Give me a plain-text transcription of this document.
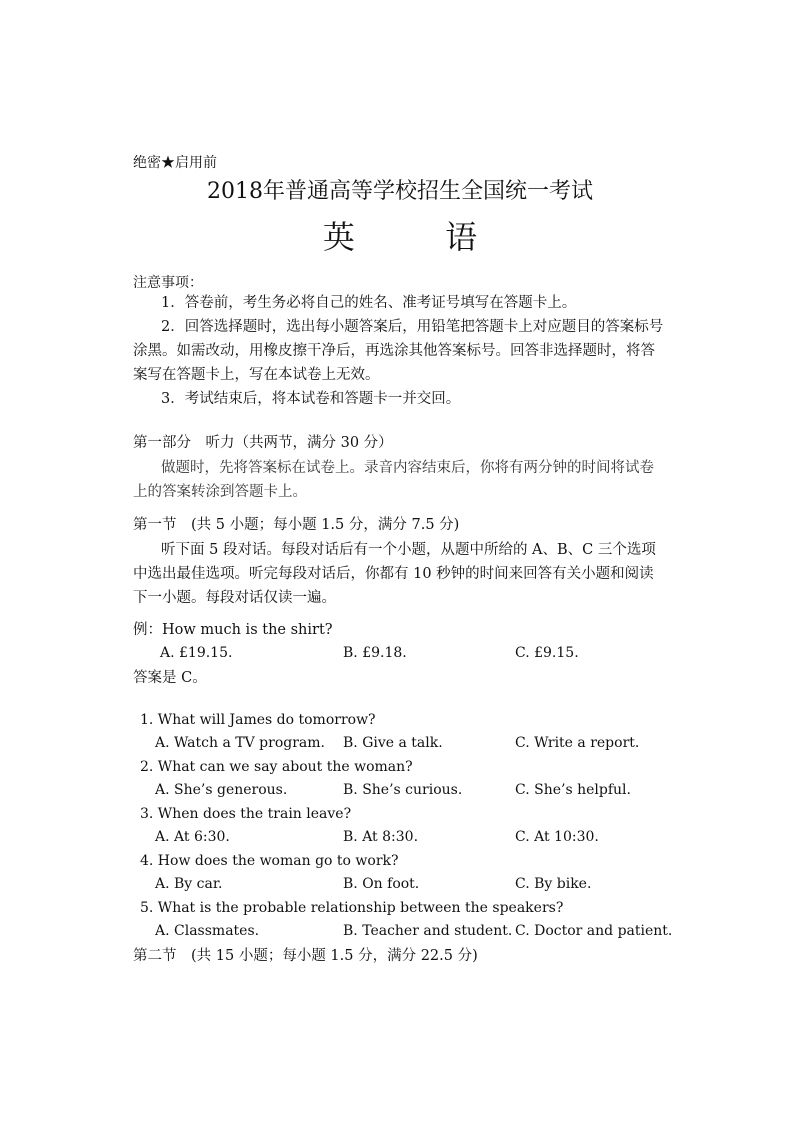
绝密★启用前
2018年普通高等学校招生全国统一考试
英 语
注意事项：
1．答卷前，考生务必将自己的姓名、准考证号填写在答题卡上。
2．回答选择题时，选出每小题答案后，用铅笔把答题卡上对应题目的答案标号涂黑。如需改动，用橡皮擦干净后，再选涂其他答案标号。回答非选择题时，将答案写在答题卡上，写在本试卷上无效。
3．考试结束后，将本试卷和答题卡一并交回。
第一部分　听力（共两节，满分 30 分）
做题时，先将答案标在试卷上。录音内容结束后，你将有两分钟的时间将试卷上的答案转涂到答题卡上。
第一节　(共 5 小题；每小题 1.5 分，满分 7.5 分)
听下面 5 段对话。每段对话后有一个小题，从题中所给的 A、B、C 三个选项中选出最佳选项。听完每段对话后，你都有 10 秒钟的时间来回答有关小题和阅读下一小题。每段对话仅读一遍。
例：How much is the shirt?
A. £19.15.	B. £9.18.	C. £9.15.
答案是 C。
1. What will James do tomorrow?
A. Watch a TV program. B. Give a talk.	C. Write a report.
2. What can we say about the woman?
A. She’s generous.	B. She’s curious.	C. She’s helpful.
3. When does the train leave?
A. At 6:30.	B. At 8:30.	C. At 10:30.
4. How does the woman go to work?
A. By car.	B. On foot.	C. By bike.
5. What is the probable relationship between the speakers?
A. Classmates.	B. Teacher and student. C. Doctor and patient.
第二节　(共 15 小题；每小题 1.5 分，满分 22.5 分)
